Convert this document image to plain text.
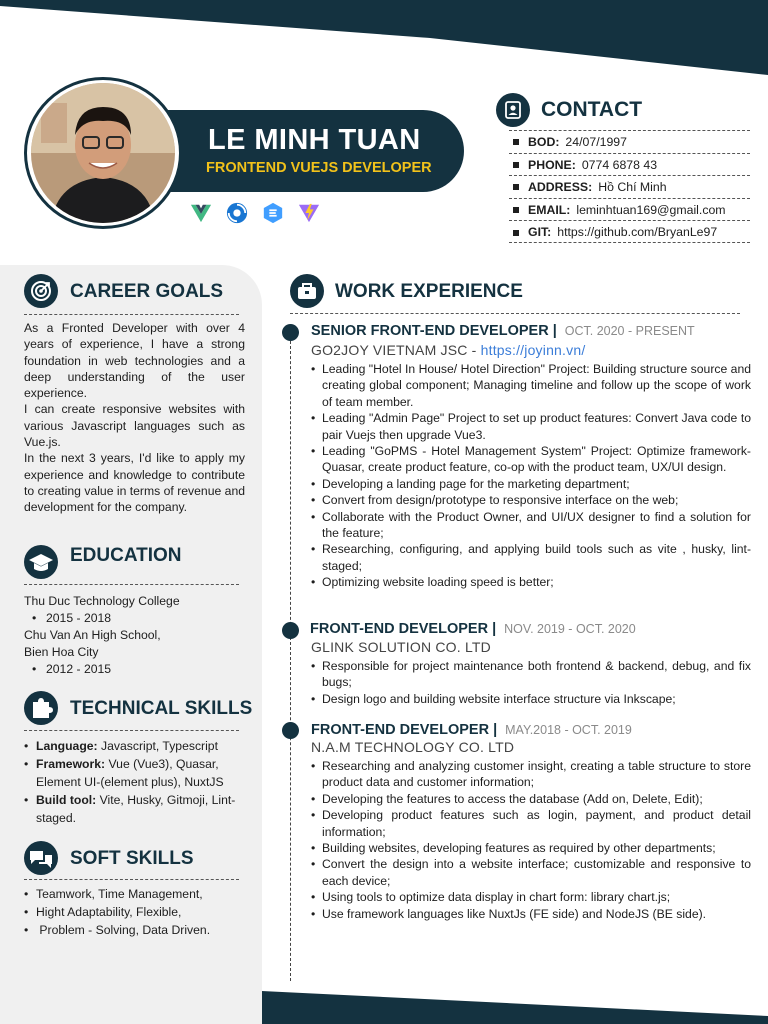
LE MINH TUAN
FRONTEND VUEJS DEVELOPER
CONTACT
BOD: 24/07/1997
PHONE: 0774 6878 43
ADDRESS: Hồ Chí Minh
EMAIL: leminhtuan169@gmail.com
GIT: https://github.com/BryanLe97
CAREER GOALS

As a Fronted Developer with over 4 years of experience, I have a strong foundation in web technologies and a deep understanding of the user experience.

I can create responsive websites with various Javascript languages such as Vue.js.

In the next 3 years, I'd like to apply my experience and knowledge to contribute to creating value in terms of revenue and development for the company.

EDUCATION
Thu Duc Technology College
• 2015 - 2018
Chu Van An High School,
Bien Hoa City
• 2012 - 2015
TECHNICAL SKILLS
• Language: Javascript, Typescript
• Framework: Vue (Vue3), Quasar, Element UI-(element plus), NuxtJS
• Build tool: Vite, Husky, Gitmoji, Lint-staged.
SOFT SKILLS
• Teamwork, Time Management,
• Hight Adaptability, Flexible,
•  Problem - Solving, Data Driven.
WORK EXPERIENCE
SENIOR FRONT-END DEVELOPER | OCT. 2020 - PRESENT
GO2JOY VIETNAM JSC - https://joyinn.vn/
• Leading "Hotel In House/ Hotel Direction" Project: Building structure source and creating global component; Managing timeline and follow up the scope of work of team member.
• Leading "Admin Page" Project to set up product features: Convert Java code to pair Vuejs then upgrade Vue3.
• Leading "GoPMS - Hotel Management System" Project: Optimize framework-Quasar, create product feature, co-op with the product team, UX/UI design.
• Developing a landing page for the marketing department;
• Convert from design/prototype to responsive interface on the web;
• Collaborate with the Product Owner, and UI/UX designer to find a solution for the feature;
• Researching, configuring, and applying build tools such as vite , husky, lint-staged;
• Optimizing website loading speed is better;
FRONT-END DEVELOPER | NOV. 2019 - OCT. 2020
GLINK SOLUTION CO. LTD
• Responsible for project maintenance both frontend & backend, debug, and fix bugs;
• Design logo and building website interface structure via Inkscape;
FRONT-END DEVELOPER | MAY.2018 - OCT. 2019
N.A.M TECHNOLOGY CO. LTD
• Researching and analyzing customer insight, creating a table structure to store product data and customer information;
• Developing the features to access the database (Add on, Delete, Edit);
• Developing product features such as login, payment, and product detail information;
• Building websites, developing features as required by other departments;
• Convert the design into a website interface; customizable and responsive to each device;
• Using tools to optimize data display in chart form: library chart.js;
• Use framework languages like NuxtJs (FE side) and NodeJS (BE side).
